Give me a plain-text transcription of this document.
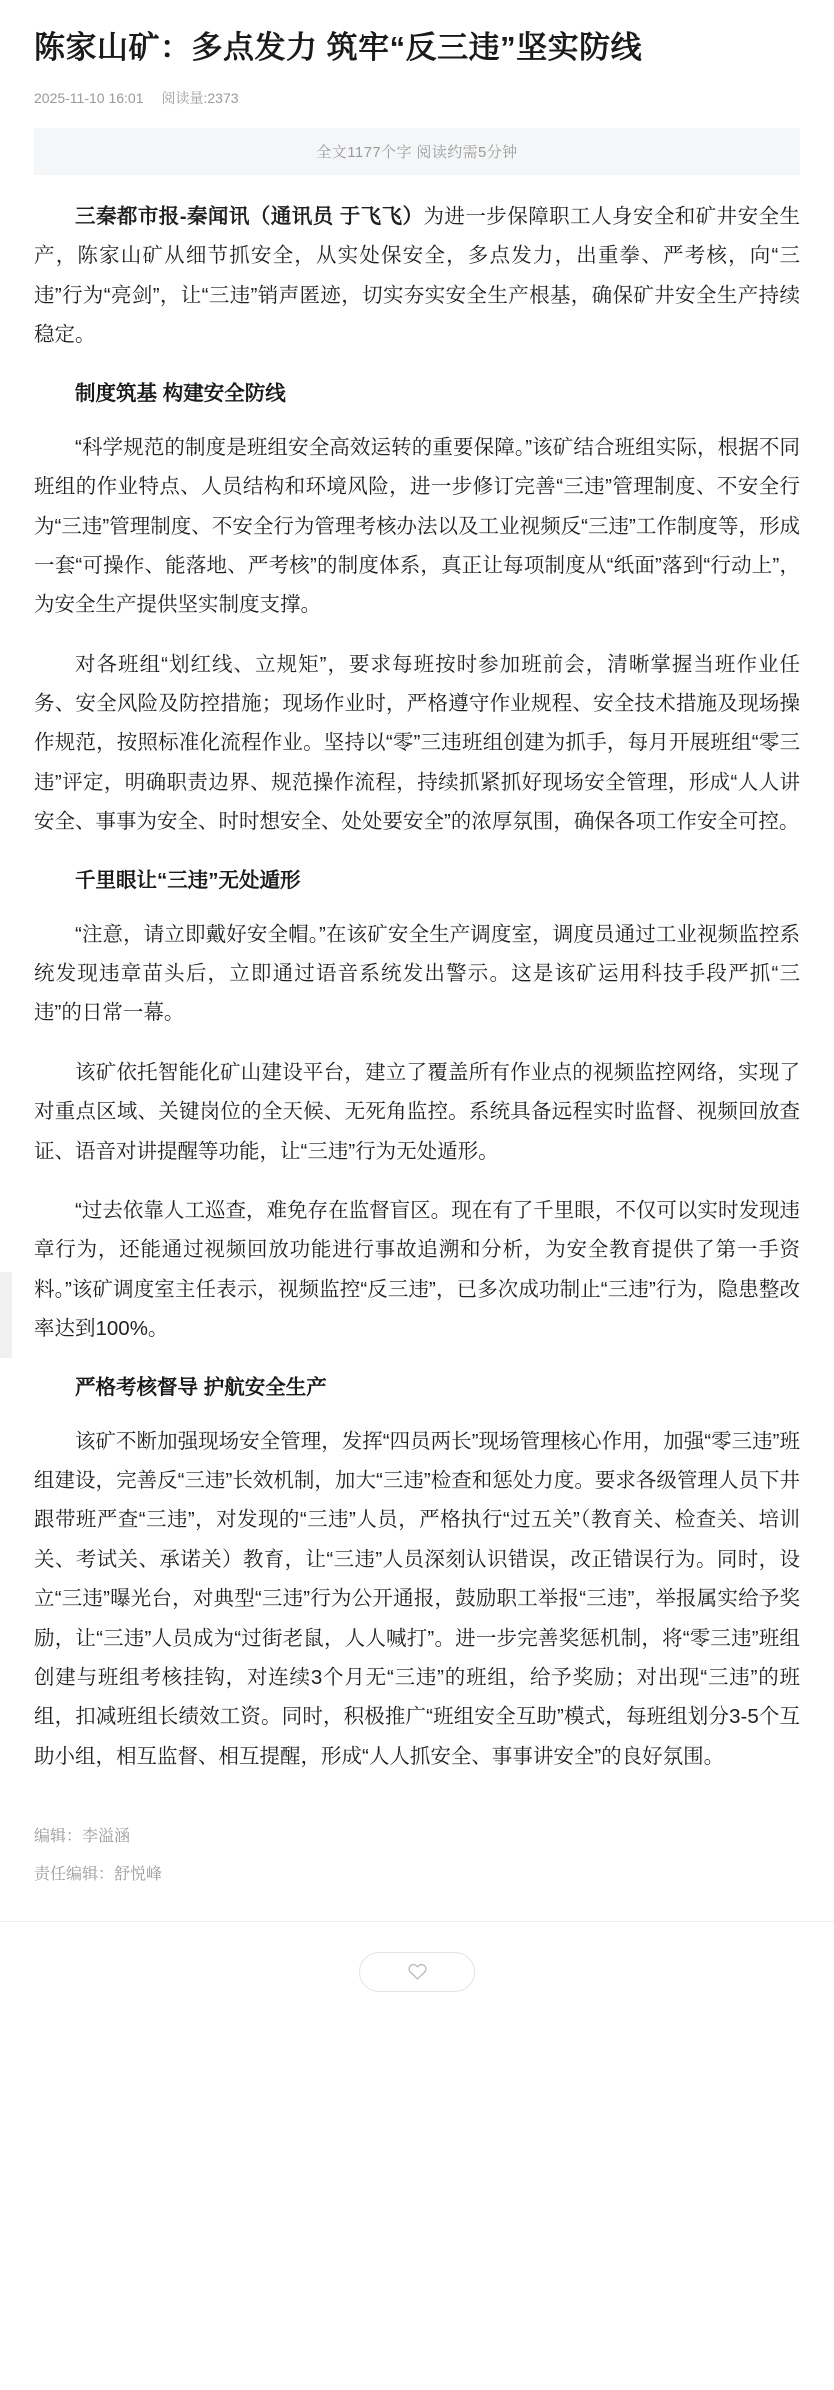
陈家山矿：多点发力 筑牢“反三违”坚实防线
2025-11-10 16:01 阅读量:2373
全文1177个字 阅读约需5分钟

三秦都市报-秦闻讯（通讯员 于飞飞）为进一步保障职工人身安全和矿井安全生产，陈家山矿从细节抓安全，从实处保安全，多点发力，出重拳、严考核，向“三违”行为“亮剑”，让“三违”销声匿迹，切实夯实安全生产根基，确保矿井安全生产持续稳定。

制度筑基 构建安全防线

“科学规范的制度是班组安全高效运转的重要保障。”该矿结合班组实际，根据不同班组的作业特点、人员结构和环境风险，进一步修订完善“三违”管理制度、不安全行为“三违”管理制度、不安全行为管理考核办法以及工业视频反“三违”工作制度等，形成一套“可操作、能落地、严考核”的制度体系，真正让每项制度从“纸面”落到“行动上”，为安全生产提供坚实制度支撑。

对各班组“划红线、立规矩”，要求每班按时参加班前会，清晰掌握当班作业任务、安全风险及防控措施；现场作业时，严格遵守作业规程、安全技术措施及现场操作规范，按照标准化流程作业。坚持以“零”三违班组创建为抓手，每月开展班组“零三违”评定，明确职责边界、规范操作流程，持续抓紧抓好现场安全管理，形成“人人讲安全、事事为安全、时时想安全、处处要安全”的浓厚氛围，确保各项工作安全可控。

千里眼让“三违”无处遁形

“注意，请立即戴好安全帽。”在该矿安全生产调度室，调度员通过工业视频监控系统发现违章苗头后，立即通过语音系统发出警示。这是该矿运用科技手段严抓“三违”的日常一幕。

该矿依托智能化矿山建设平台，建立了覆盖所有作业点的视频监控网络，实现了对重点区域、关键岗位的全天候、无死角监控。系统具备远程实时监督、视频回放查证、语音对讲提醒等功能，让“三违”行为无处遁形。

“过去依靠人工巡查，难免存在监督盲区。现在有了千里眼，不仅可以实时发现违章行为，还能通过视频回放功能进行事故追溯和分析，为安全教育提供了第一手资料。”该矿调度室主任表示，视频监控“反三违”，已多次成功制止“三违”行为，隐患整改率达到100%。

严格考核督导 护航安全生产

该矿不断加强现场安全管理，发挥“四员两长”现场管理核心作用，加强“零三违”班组建设，完善反“三违”长效机制，加大“三违”检查和惩处力度。要求各级管理人员下井跟带班严查“三违”，对发现的“三违”人员，严格执行“过五关”（教育关、检查关、培训关、考试关、承诺关）教育，让“三违”人员深刻认识错误，改正错误行为。同时，设立“三违”曝光台，对典型“三违”行为公开通报，鼓励职工举报“三违”，举报属实给予奖励，让“三违”人员成为“过街老鼠，人人喊打”。进一步完善奖惩机制，将“零三违”班组创建与班组考核挂钩，对连续3个月无“三违”的班组，给予奖励；对出现“三违”的班组，扣减班组长绩效工资。同时，积极推广“班组安全互助”模式，每班组划分3-5个互助小组，相互监督、相互提醒，形成“人人抓安全、事事讲安全”的良好氛围。

编辑：李溢涵
责任编辑：舒悦峰
